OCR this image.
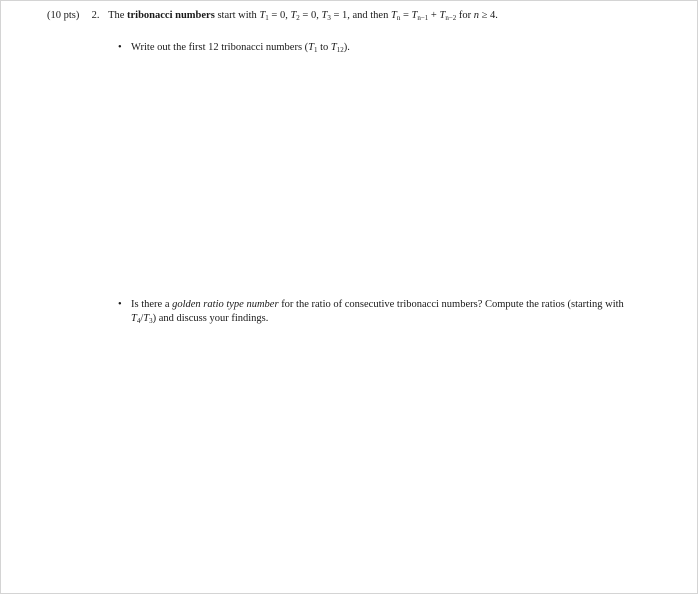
(10 pts) 2. The tribonacci numbers start with $T_1 = 0$, $T_2 = 0$, $T_3 = 1$, and then $T_n = T_{n-1} + T_{n-2}$ for n ≥ 4.
• Write out the first 12 tribonacci numbers ($T_1$ to $T_{12}$).
• Is there a golden ratio type number for the ratio of consecutive tribonacci numbers? Compute the ratios (starting with $T_4/T_3$) and discuss your findings.
